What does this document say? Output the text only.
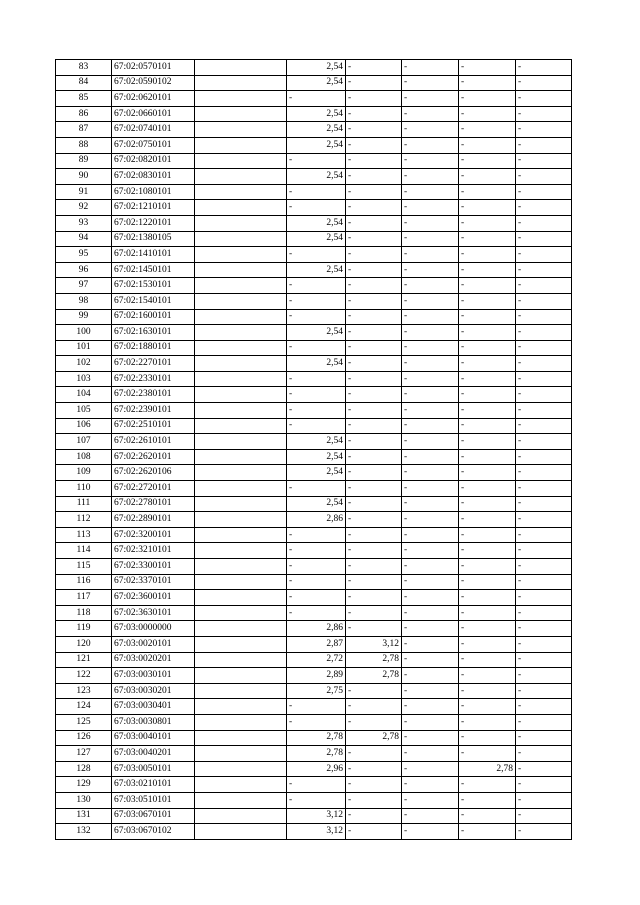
83	67:02:0570101		2,54	-	-	-	-
84	67:02:0590102		2,54	-	-	-	-
85	67:02:0620101		-	-	-	-	-
86	67:02:0660101		2,54	-	-	-	-
87	67:02:0740101		2,54	-	-	-	-
88	67:02:0750101		2,54	-	-	-	-
89	67:02:0820101		-	-	-	-	-
90	67:02:0830101		2,54	-	-	-	-
91	67:02:1080101		-	-	-	-	-
92	67:02:1210101		-	-	-	-	-
93	67:02:1220101		2,54	-	-	-	-
94	67:02:1380105		2,54	-	-	-	-
95	67:02:1410101		-	-	-	-	-
96	67:02:1450101		2,54	-	-	-	-
97	67:02:1530101		-	-	-	-	-
98	67:02:1540101		-	-	-	-	-
99	67:02:1600101		-	-	-	-	-
100	67:02:1630101		2,54	-	-	-	-
101	67:02:1880101		-	-	-	-	-
102	67:02:2270101		2,54	-	-	-	-
103	67:02:2330101		-	-	-	-	-
104	67:02:2380101		-	-	-	-	-
105	67:02:2390101		-	-	-	-	-
106	67:02:2510101		-	-	-	-	-
107	67:02:2610101		2,54	-	-	-	-
108	67:02:2620101		2,54	-	-	-	-
109	67:02:2620106		2,54	-	-	-	-
110	67:02:2720101		-	-	-	-	-
111	67:02:2780101		2,54	-	-	-	-
112	67:02:2890101		2,86	-	-	-	-
113	67:02:3200101		-	-	-	-	-
114	67:02:3210101		-	-	-	-	-
115	67:02:3300101		-	-	-	-	-
116	67:02:3370101		-	-	-	-	-
117	67:02:3600101		-	-	-	-	-
118	67:02:3630101		-	-	-	-	-
119	67:03:0000000		2,86	-	-	-	-
120	67:03:0020101		2,87	3,12	-	-	-
121	67:03:0020201		2,72	2,78	-	-	-
122	67:03:0030101		2,89	2,78	-	-	-
123	67:03:0030201		2,75	-	-	-	-
124	67:03:0030401		-	-	-	-	-
125	67:03:0030801		-	-	-	-	-
126	67:03:0040101		2,78	2,78	-	-	-
127	67:03:0040201		2,78	-	-	-	-
128	67:03:0050101		2,96	-	-	2,78	-
129	67:03:0210101		-	-	-	-	-
130	67:03:0510101		-	-	-	-	-
131	67:03:0670101		3,12	-	-	-	-
132	67:03:0670102		3,12	-	-	-	-
